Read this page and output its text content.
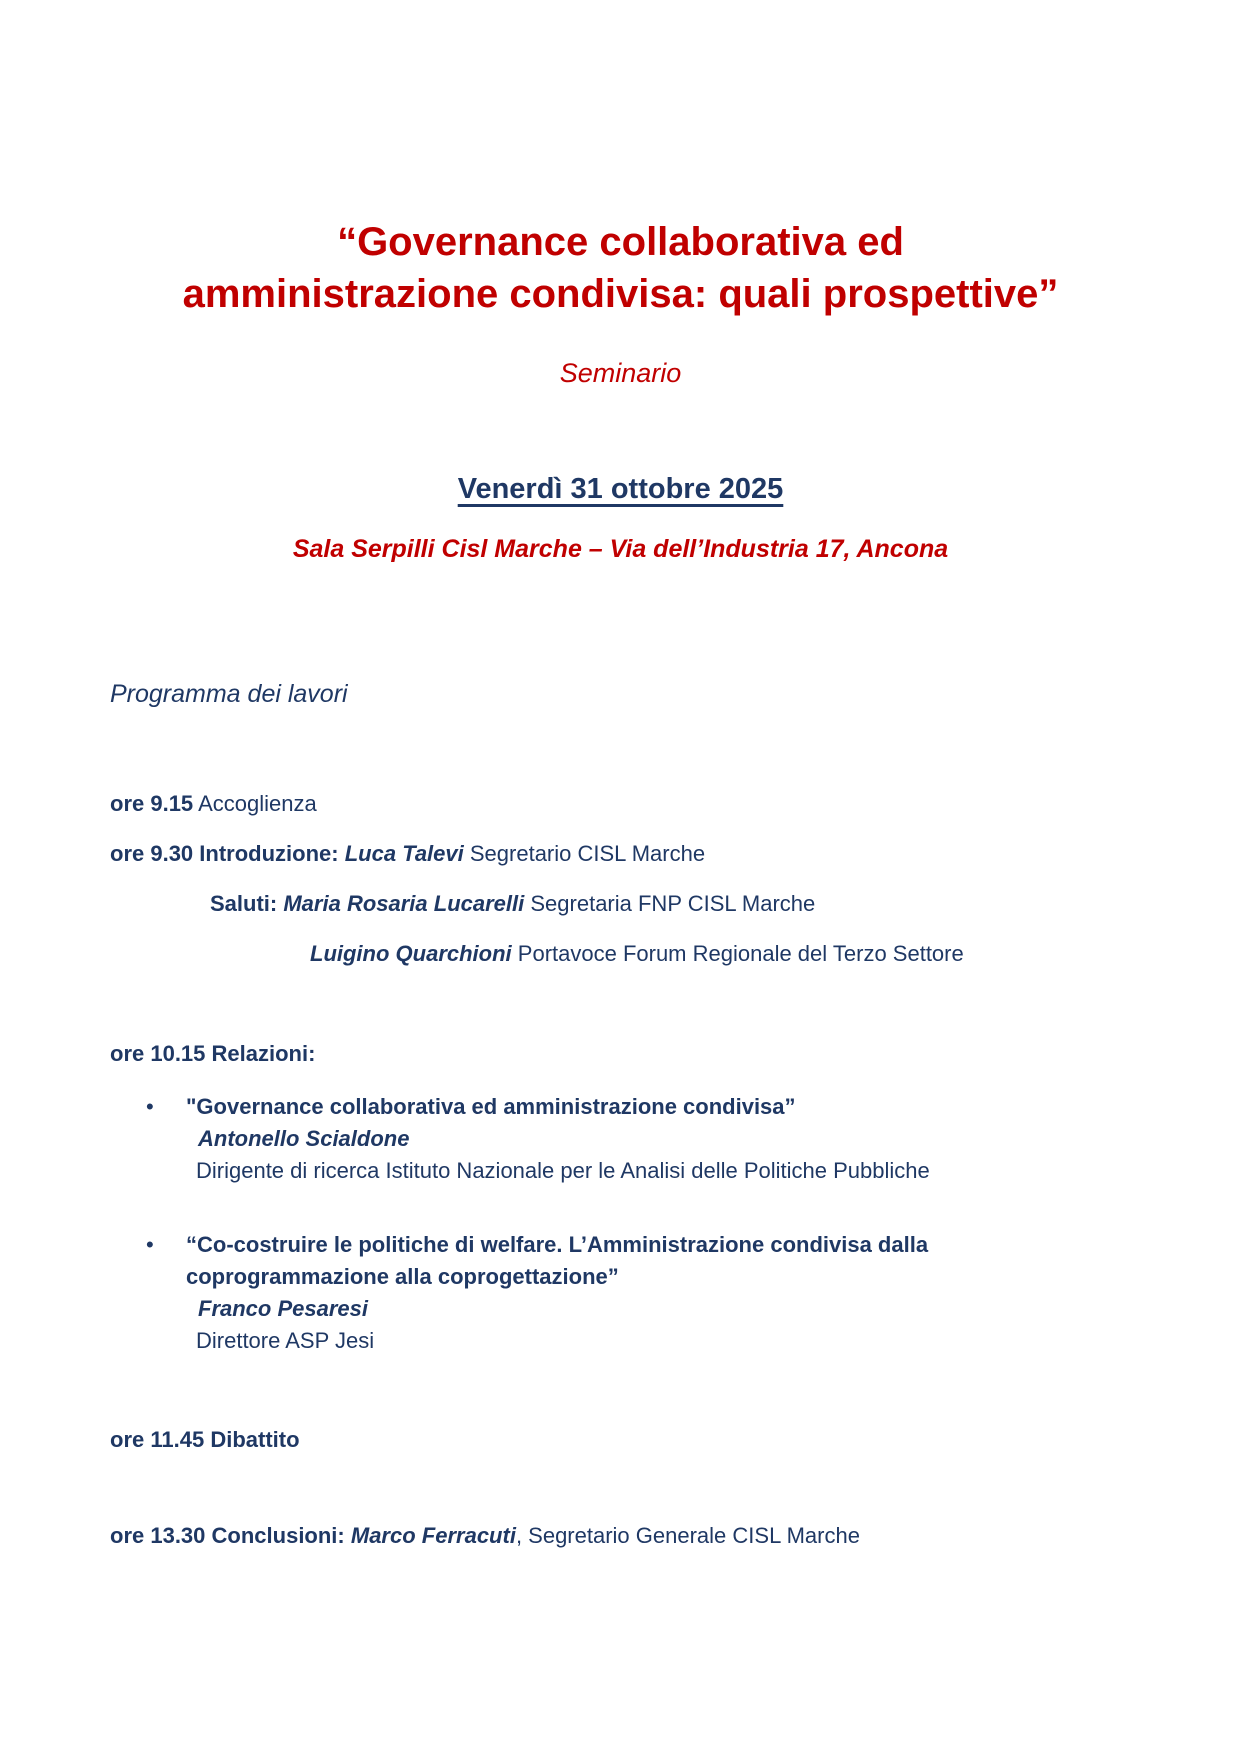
“Governance collaborativa ed
amministrazione condivisa: quali prospettive”
Seminario
Venerdì 31 ottobre 2025
Sala Serpilli Cisl Marche – Via dell’Industria 17, Ancona
Programma dei lavori

ore 9.15 Accoglienza

ore 9.30 Introduzione: Luca Talevi Segretario CISL Marche

Saluti: Maria Rosaria Lucarelli Segretaria FNP CISL Marche

Luigino Quarchioni Portavoce Forum Regionale del Terzo Settore

ore 10.15 Relazioni:

•	"Governance collaborativa ed amministrazione condivisa”
Antonello Scialdone
Dirigente di ricerca Istituto Nazionale per le Analisi delle Politiche Pubbliche
•	“Co-costruire le politiche di welfare. L’Amministrazione condivisa dalla coprogrammazione alla coprogettazione”
Franco Pesaresi
Direttore ASP Jesi

ore 11.45 Dibattito

ore 13.30 Conclusioni: Marco Ferracuti, Segretario Generale CISL Marche
